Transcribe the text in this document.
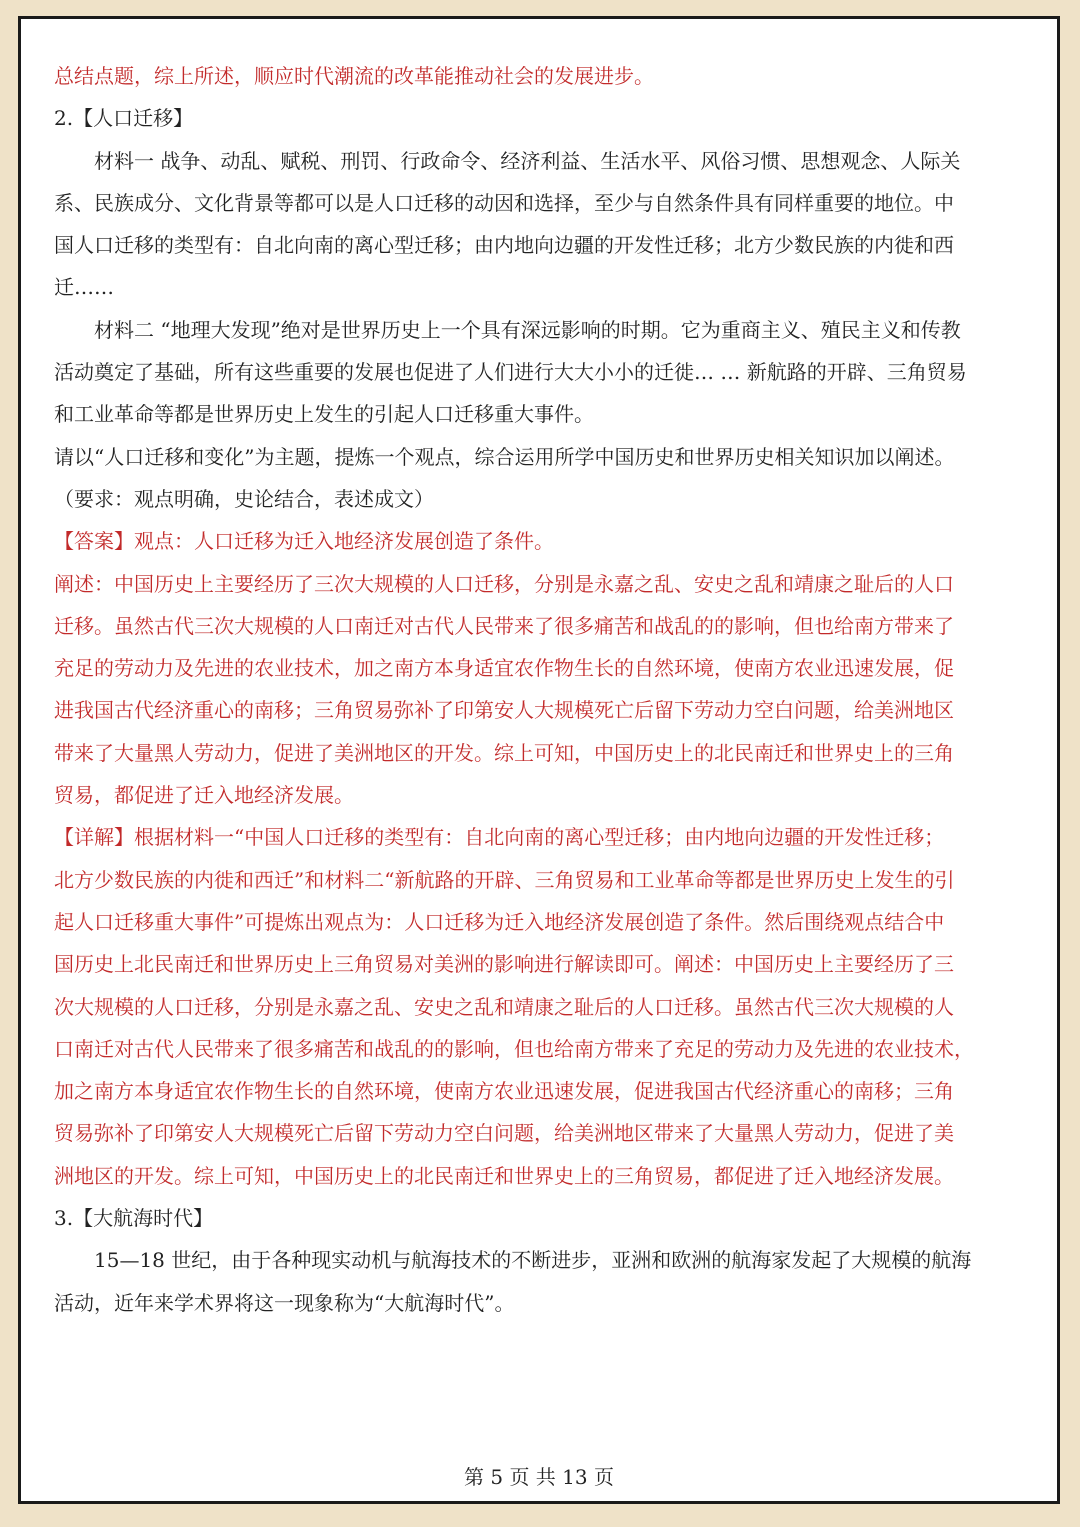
总结点题，综上所述，顺应时代潮流的改革能推动社会的发展进步。
2.【人口迁移】
材料一 战争、动乱、赋税、刑罚、行政命令、经济利益、生活水平、风俗习惯、思想观念、人际关
系、民族成分、文化背景等都可以是人口迁移的动因和选择，至少与自然条件具有同样重要的地位。中
国人口迁移的类型有：自北向南的离心型迁移；由内地向边疆的开发性迁移；北方少数民族的内徙和西
迁……
材料二 “地理大发现”绝对是世界历史上一个具有深远影响的时期。它为重商主义、殖民主义和传教
活动奠定了基础，所有这些重要的发展也促进了人们进行大大小小的迁徙… … 新航路的开辟、三角贸易
和工业革命等都是世界历史上发生的引起人口迁移重大事件。
请以“人口迁移和变化”为主题，提炼一个观点，综合运用所学中国历史和世界历史相关知识加以阐述。
（要求：观点明确，史论结合，表述成文）
【答案】观点：人口迁移为迁入地经济发展创造了条件。
阐述：中国历史上主要经历了三次大规模的人口迁移，分别是永嘉之乱、安史之乱和靖康之耻后的人口
迁移。虽然古代三次大规模的人口南迁对古代人民带来了很多痛苦和战乱的的影响，但也给南方带来了
充足的劳动力及先进的农业技术，加之南方本身适宜农作物生长的自然环境，使南方农业迅速发展，促
进我国古代经济重心的南移；三角贸易弥补了印第安人大规模死亡后留下劳动力空白问题，给美洲地区
带来了大量黑人劳动力，促进了美洲地区的开发。综上可知，中国历史上的北民南迁和世界史上的三角
贸易，都促进了迁入地经济发展。
【详解】根据材料一“中国人口迁移的类型有：自北向南的离心型迁移；由内地向边疆的开发性迁移；
北方少数民族的内徙和西迁”和材料二“新航路的开辟、三角贸易和工业革命等都是世界历史上发生的引
起人口迁移重大事件”可提炼出观点为：人口迁移为迁入地经济发展创造了条件。然后围绕观点结合中
国历史上北民南迁和世界历史上三角贸易对美洲的影响进行解读即可。阐述：中国历史上主要经历了三
次大规模的人口迁移，分别是永嘉之乱、安史之乱和靖康之耻后的人口迁移。虽然古代三次大规模的人
口南迁对古代人民带来了很多痛苦和战乱的的影响，但也给南方带来了充足的劳动力及先进的农业技术，
加之南方本身适宜农作物生长的自然环境，使南方农业迅速发展，促进我国古代经济重心的南移；三角
贸易弥补了印第安人大规模死亡后留下劳动力空白问题，给美洲地区带来了大量黑人劳动力，促进了美
洲地区的开发。综上可知，中国历史上的北民南迁和世界史上的三角贸易，都促进了迁入地经济发展。
3.【大航海时代】
15—18 世纪，由于各种现实动机与航海技术的不断进步，亚洲和欧洲的航海家发起了大规模的航海
活动，近年来学术界将这一现象称为“大航海时代”。
第 5 页 共 13 页
